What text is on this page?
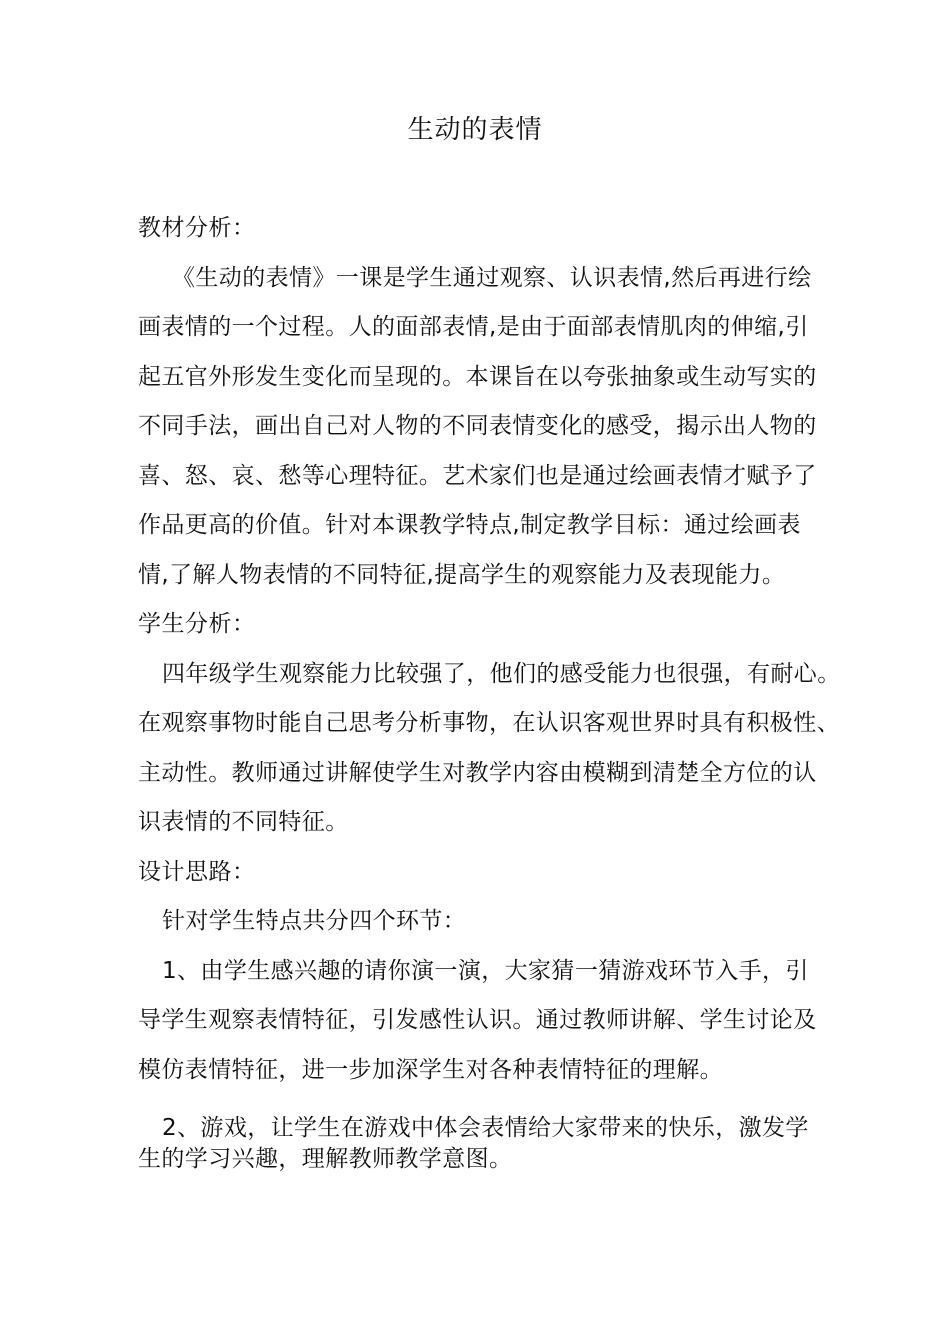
生动的表情
教材分析：
《生动的表情》一课是学生通过观察、认识表情,然后再进行绘
画表情的一个过程。人的面部表情,是由于面部表情肌肉的伸缩,引
起五官外形发生变化而呈现的。本课旨在以夸张抽象或生动写实的
不同手法，画出自己对人物的不同表情变化的感受，揭示出人物的
喜、怒、哀、愁等心理特征。艺术家们也是通过绘画表情才赋予了
作品更高的价值。针对本课教学特点,制定教学目标：通过绘画表
情,了解人物表情的不同特征,提高学生的观察能力及表现能力。
学生分析：
四年级学生观察能力比较强了，他们的感受能力也很强，有耐心。
在观察事物时能自己思考分析事物，在认识客观世界时具有积极性、
主动性。教师通过讲解使学生对教学内容由模糊到清楚全方位的认
识表情的不同特征。
设计思路：
针对学生特点共分四个环节：
1、由学生感兴趣的请你演一演，大家猜一猜游戏环节入手，引
导学生观察表情特征，引发感性认识。通过教师讲解、学生讨论及
模仿表情特征，进一步加深学生对各种表情特征的理解。
2、游戏，让学生在游戏中体会表情给大家带来的快乐，激发学
生的学习兴趣，理解教师教学意图。
